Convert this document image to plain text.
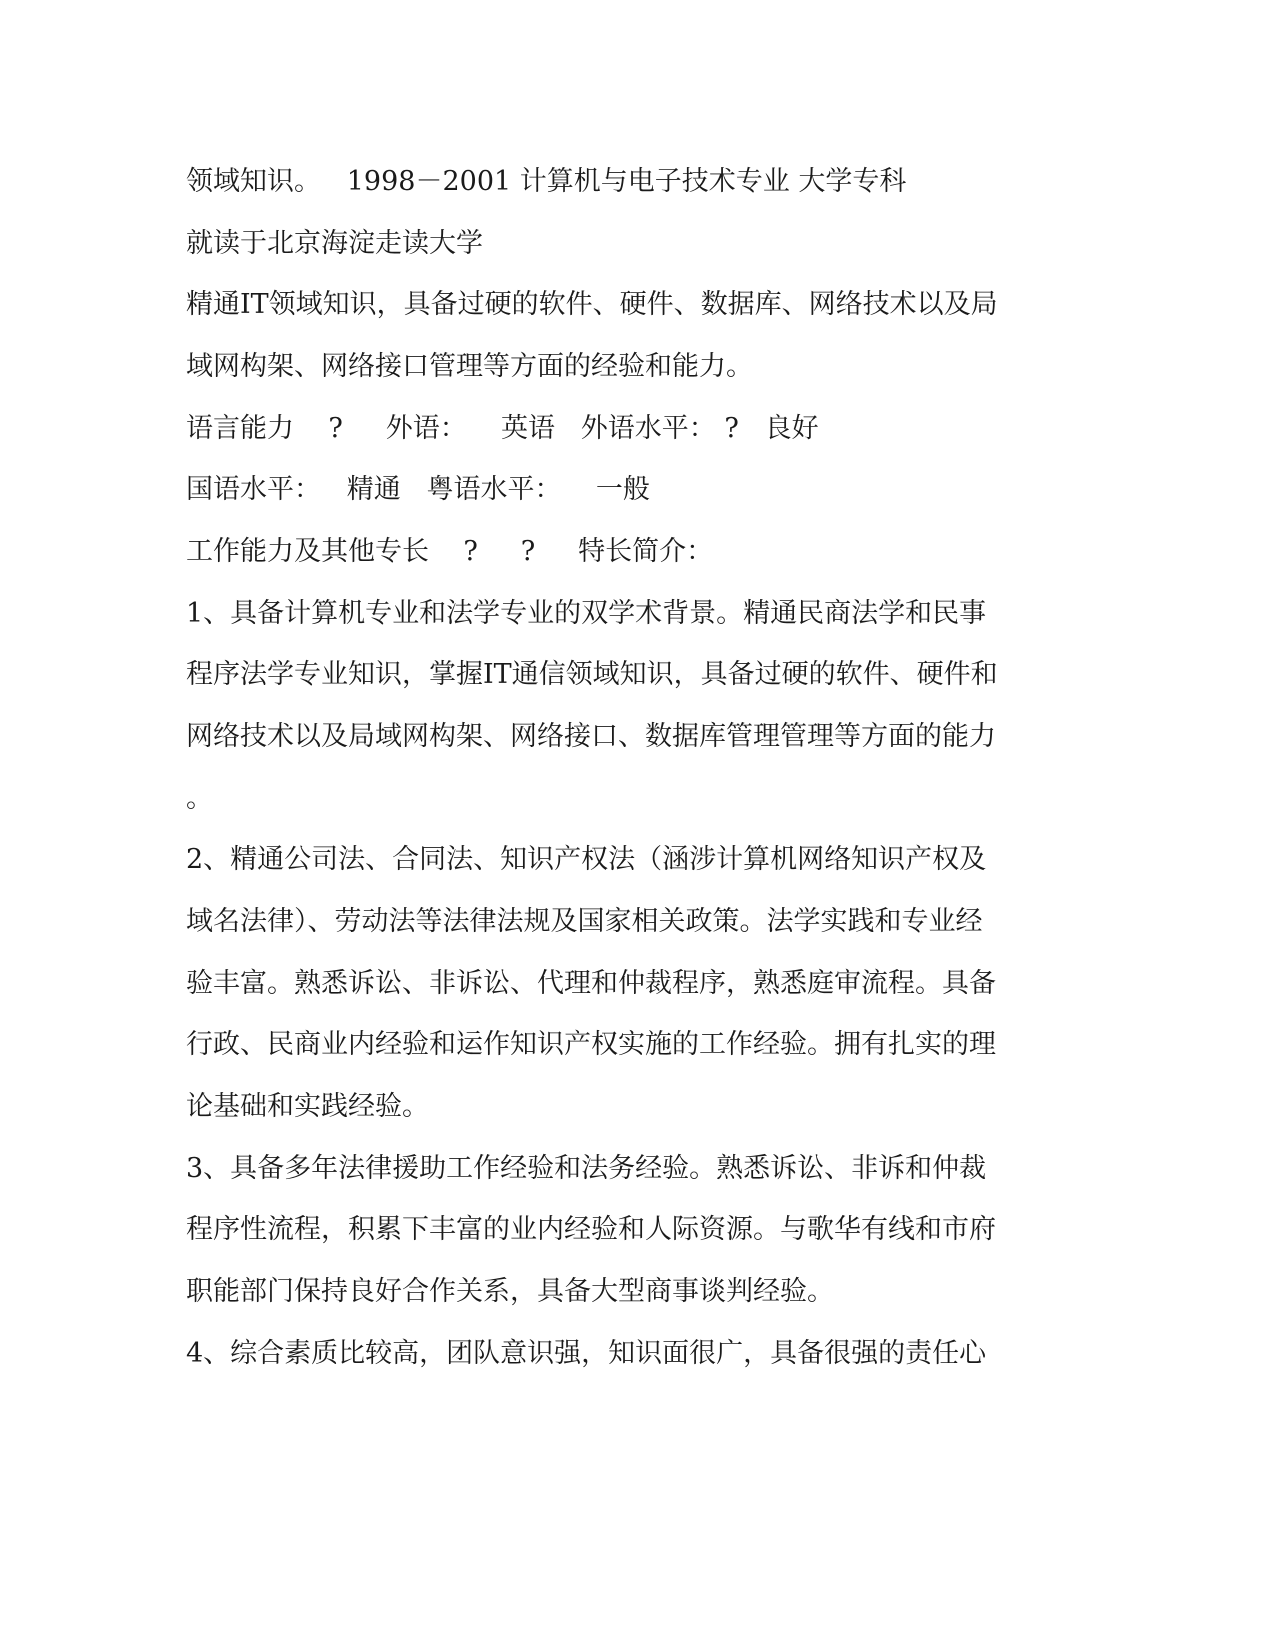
领域知识。   1998－2001 计算机与电子技术专业 大学专科
就读于北京海淀走读大学
精通IT领域知识，具备过硬的软件、硬件、数据库、网络技术以及局
域网构架、网络接口管理等方面的经验和能力。
语言能力    ?     外语：    英语   外语水平： ?   良好
国语水平：   精通   粤语水平：    一般
工作能力及其他专长    ?     ?     特长简介：
1、具备计算机专业和法学专业的双学术背景。精通民商法学和民事
程序法学专业知识，掌握IT通信领域知识，具备过硬的软件、硬件和
网络技术以及局域网构架、网络接口、数据库管理管理等方面的能力
。
2、精通公司法、合同法、知识产权法（涵涉计算机网络知识产权及
域名法律）、劳动法等法律法规及国家相关政策。法学实践和专业经
验丰富。熟悉诉讼、非诉讼、代理和仲裁程序，熟悉庭审流程。具备
行政、民商业内经验和运作知识产权实施的工作经验。拥有扎实的理
论基础和实践经验。
3、具备多年法律援助工作经验和法务经验。熟悉诉讼、非诉和仲裁
程序性流程，积累下丰富的业内经验和人际资源。与歌华有线和市府
职能部门保持良好合作关系，具备大型商事谈判经验。
4、综合素质比较高，团队意识强，知识面很广，具备很强的责任心
